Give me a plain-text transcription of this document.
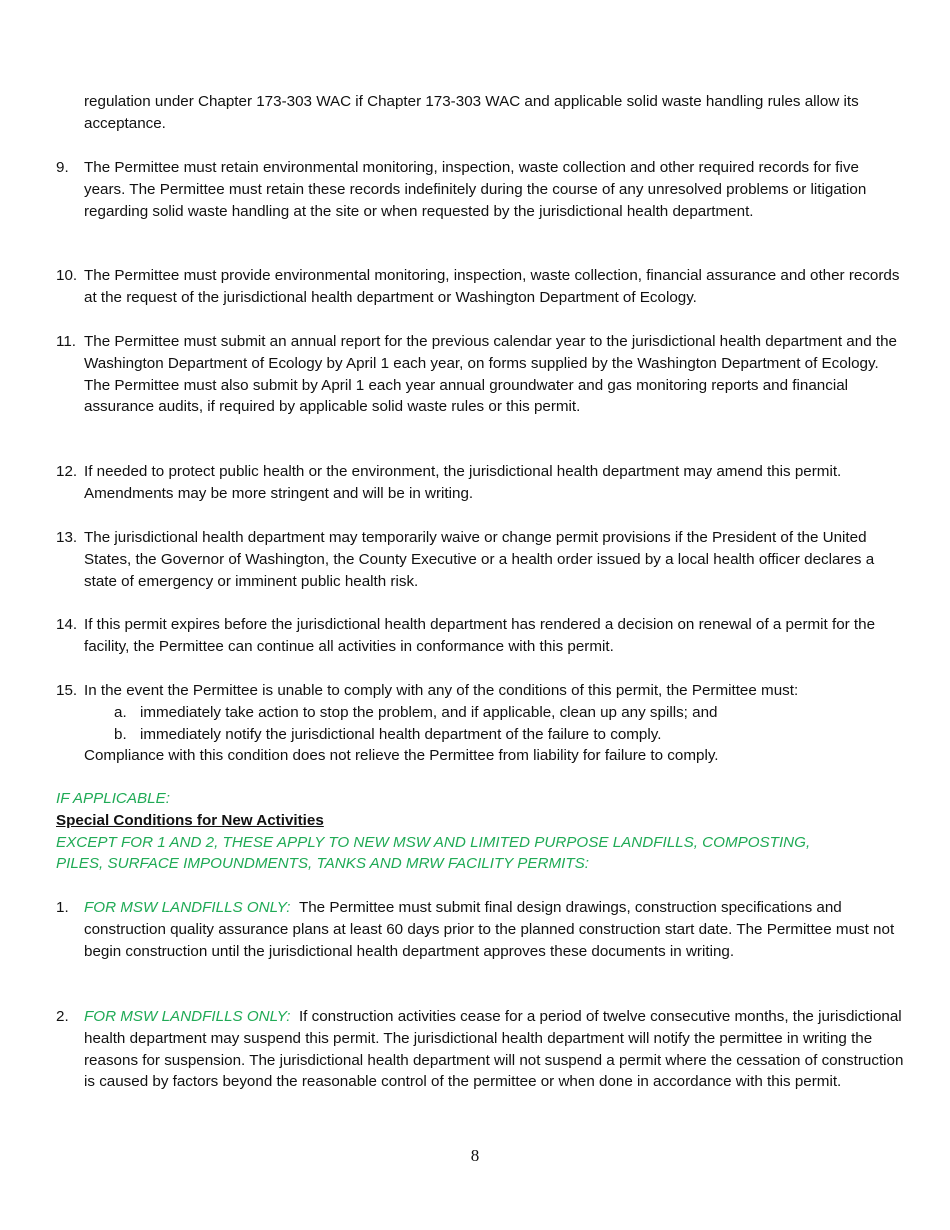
regulation under Chapter 173-303 WAC if Chapter 173-303 WAC and applicable solid waste handling rules allow its acceptance.

9. The Permittee must retain environmental monitoring, inspection, waste collection and other required records for five years. The Permittee must retain these records indefinitely during the course of any unresolved problems or litigation regarding solid waste handling at the site or when requested by the jurisdictional health department.
10. The Permittee must provide environmental monitoring, inspection, waste collection, financial assurance and other records at the request of the jurisdictional health department or Washington Department of Ecology.
11. The Permittee must submit an annual report for the previous calendar year to the jurisdictional health department and the Washington Department of Ecology by April 1 each year, on forms supplied by the Washington Department of Ecology. The Permittee must also submit by April 1 each year annual groundwater and gas monitoring reports and financial assurance audits, if required by applicable solid waste rules or this permit.
12. If needed to protect public health or the environment, the jurisdictional health department may amend this permit. Amendments may be more stringent and will be in writing.
13. The jurisdictional health department may temporarily waive or change permit provisions if the President of the United States, the Governor of Washington, the County Executive or a health order issued by a local health officer declares a state of emergency or imminent public health risk.
14. If this permit expires before the jurisdictional health department has rendered a decision on renewal of a permit for the facility, the Permittee can continue all activities in conformance with this permit.
15. In the event the Permittee is unable to comply with any of the conditions of this permit, the Permittee must:
a. immediately take action to stop the problem, and if applicable, clean up any spills; and
b. immediately notify the jurisdictional health department of the failure to comply.
Compliance with this condition does not relieve the Permittee from liability for failure to comply.
IF APPLICABLE:
Special Conditions for New Activities
EXCEPT FOR 1 AND 2, THESE APPLY TO NEW MSW AND LIMITED PURPOSE LANDFILLS, COMPOSTING, PILES, SURFACE IMPOUNDMENTS, TANKS AND MRW FACILITY PERMITS:
1. FOR MSW LANDFILLS ONLY: The Permittee must submit final design drawings, construction specifications and construction quality assurance plans at least 60 days prior to the planned construction start date. The Permittee must not begin construction until the jurisdictional health department approves these documents in writing.
2. FOR MSW LANDFILLS ONLY: If construction activities cease for a period of twelve consecutive months, the jurisdictional health department may suspend this permit. The jurisdictional health department will notify the permittee in writing the reasons for suspension. The jurisdictional health department will not suspend a permit where the cessation of construction is caused by factors beyond the reasonable control of the permittee or when done in accordance with this permit.
8
